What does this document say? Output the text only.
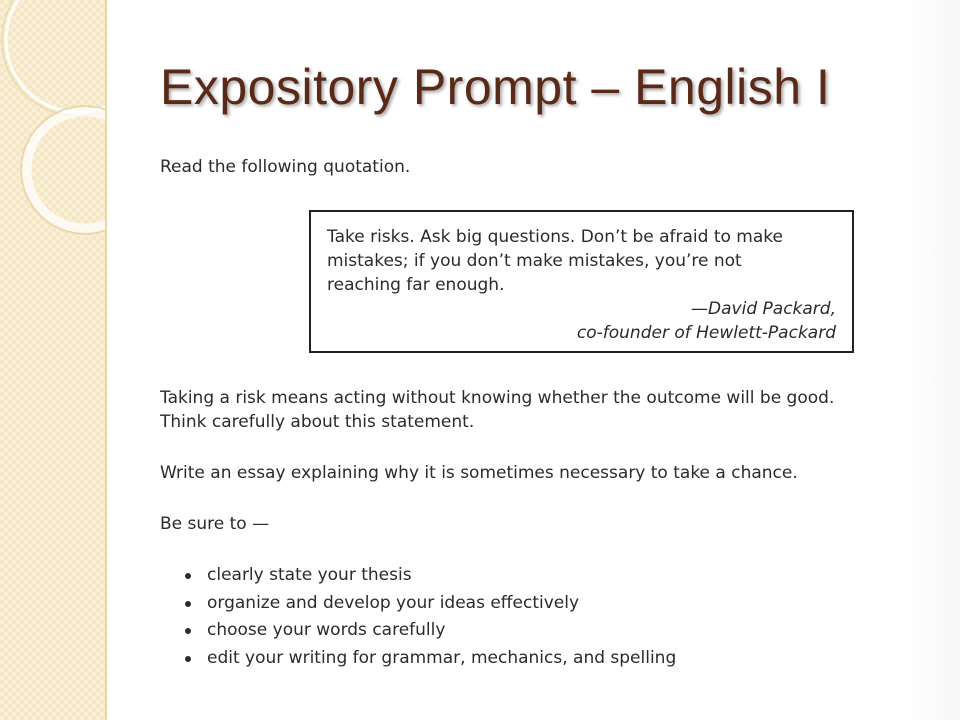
Expository Prompt – English I

Read the following quotation.

Take risks. Ask big questions. Don’t be afraid to make
mistakes; if you don’t make mistakes, you’re not
reaching far enough.

—David Packard,
co-founder of Hewlett-Packard

Taking a risk means acting without knowing whether the outcome will be good.
Think carefully about this statement.

Write an essay explaining why it is sometimes necessary to take a chance.

Be sure to —

clearly state your thesis
organize and develop your ideas effectively
choose your words carefully
edit your writing for grammar, mechanics, and spelling
